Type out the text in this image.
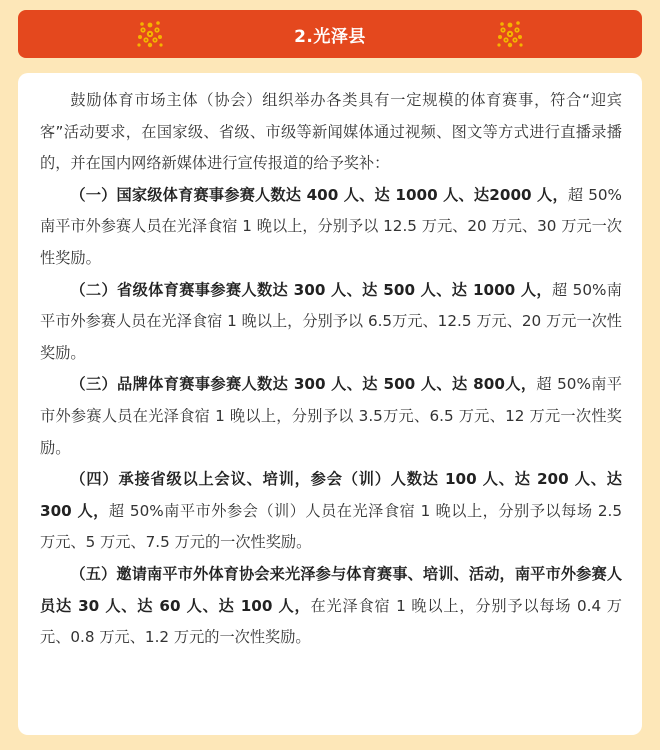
2.光泽县

鼓励体育市场主体（协会）组织举办各类具有一定规模的体育赛事，符合“迎宾客”活动要求，在国家级、省级、市级等新闻媒体通过视频、图文等方式进行直播录播的，并在国内网络新媒体进行宣传报道的给予奖补：

（一）国家级体育赛事参赛人数达 400 人、达 1000 人、达2000 人，超 50%南平市外参赛人员在光泽食宿 1 晚以上，分别予以 12.5 万元、20 万元、30 万元一次性奖励。

（二）省级体育赛事参赛人数达 300 人、达 500 人、达 1000 人，超 50%南平市外参赛人员在光泽食宿 1 晚以上，分别予以 6.5万元、12.5 万元、20 万元一次性奖励。

（三）品牌体育赛事参赛人数达 300 人、达 500 人、达 800人，超 50%南平市外参赛人员在光泽食宿 1 晚以上，分别予以 3.5万元、6.5 万元、12 万元一次性奖励。

（四）承接省级以上会议、培训，参会（训）人数达 100 人、达 200 人、达 300 人，超 50%南平市外参会（训）人员在光泽食宿 1 晚以上，分别予以每场 2.5 万元、5 万元、7.5 万元的一次性奖励。

（五）邀请南平市外体育协会来光泽参与体育赛事、培训、活动，南平市外参赛人员达 30 人、达 60 人、达 100 人，在光泽食宿 1 晚以上，分别予以每场 0.4 万元、0.8 万元、1.2 万元的一次性奖励。
